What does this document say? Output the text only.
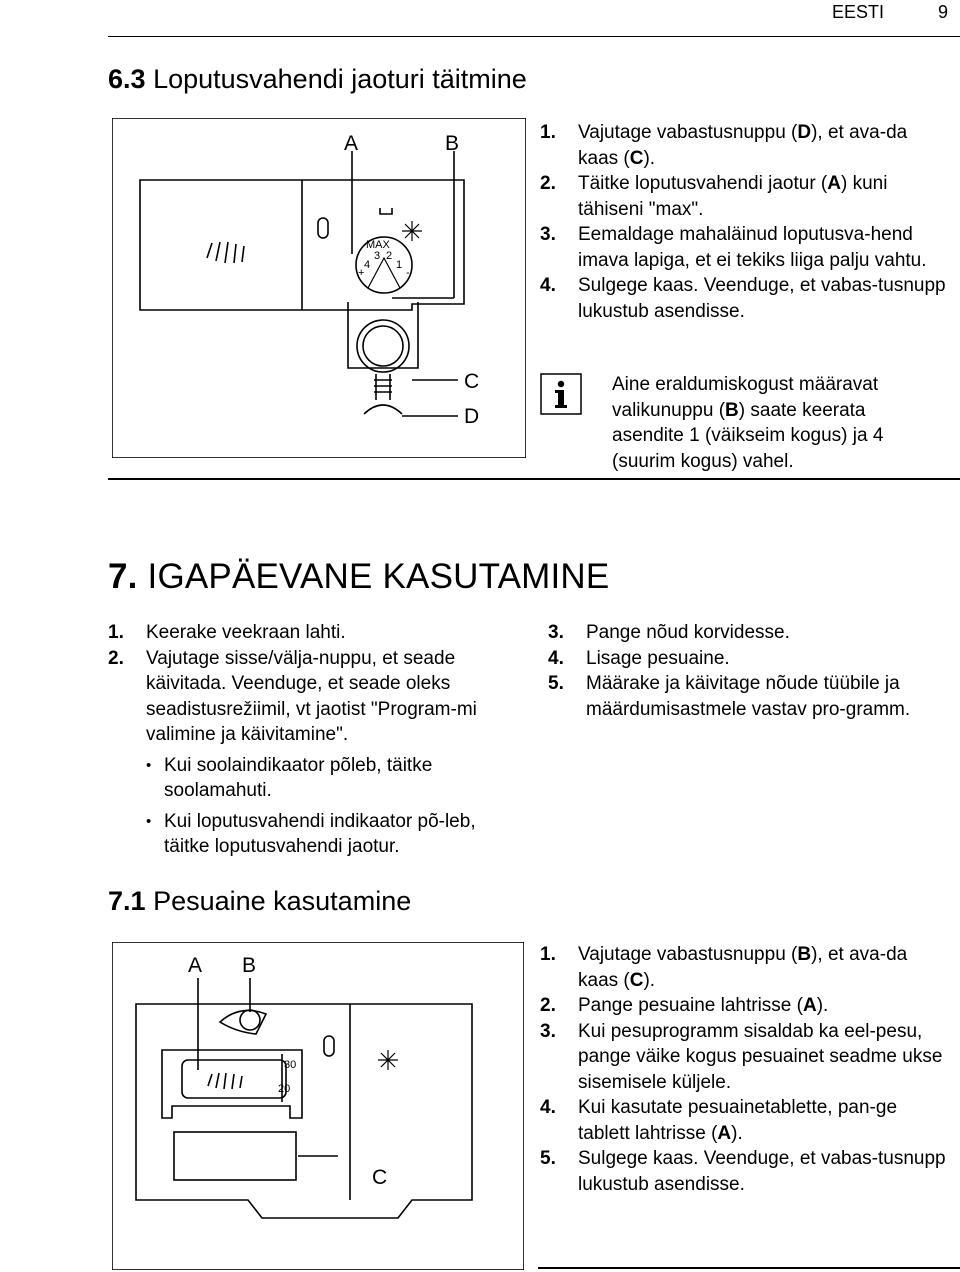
EESTI	9
6.3 Loputusvahendi jaoturi täitmine
MAX
4
3 2
1
+	-
A	B
C
D
1. Vajutage vabastusnuppu (D), et ava-da kaas (C).
2. Täitke loputusvahendi jaotur (A) kuni tähiseni "max".
3. Eemaldage mahaläinud loputusva-hend imava lapiga, et ei tekiks liiga palju vahtu.
4. Sulgege kaas. Veenduge, et vabas-tusnupp lukustub asendisse.
Aine eraldumiskogust määravat valikunuppu (B) saate keerata asendite 1 (väikseim kogus) ja 4 (suurim kogus) vahel.
7. IGAPÄEVANE KASUTAMINE
1. Keerake veekraan lahti.
2. Vajutage sisse/välja-nuppu, et seade käivitada. Veenduge, et seade oleks seadistusrežiimil, vt jaotist "Program-mi valimine ja käivitamine".
• Kui soolaindikaator põleb, täitke soolamahuti.
• Kui loputusvahendi indikaator põ-leb, täitke loputusvahendi jaotur.
3. Pange nõud korvidesse.
4. Lisage pesuaine.
5. Määrake ja käivitage nõude tüübile ja määrdumisastmele vastav pro-gramm.
7.1 Pesuaine kasutamine
30
20
A B
C
1. Vajutage vabastusnuppu (B), et ava-da kaas (C).
2. Pange pesuaine lahtrisse (A).
3. Kui pesuprogramm sisaldab ka eel-pesu, pange väike kogus pesuainet seadme ukse sisemisele küljele.
4. Kui kasutate pesuainetablette, pan-ge tablett lahtrisse (A).
5. Sulgege kaas. Veenduge, et vabas-tusnupp lukustub asendisse.
